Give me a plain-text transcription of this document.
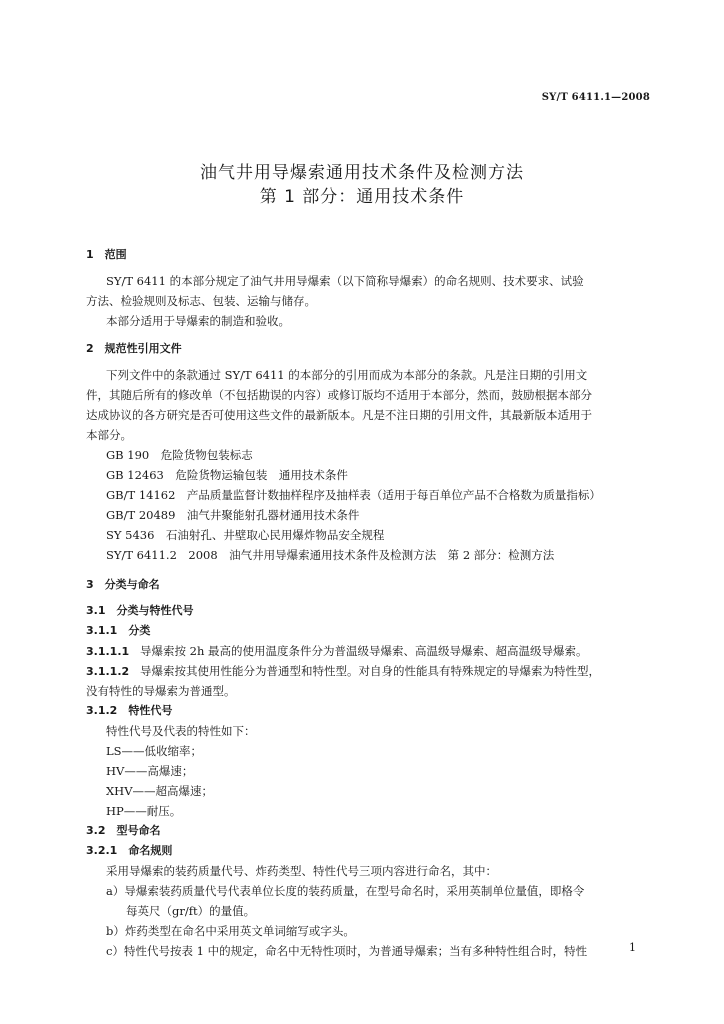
SY/T 6411.1—2008
油气井用导爆索通用技术条件及检测方法
第 1 部分：通用技术条件
1　范围
SY/T 6411 的本部分规定了油气井用导爆索（以下简称导爆索）的命名规则、技术要求、试验
方法、检验规则及标志、包装、运输与储存。
本部分适用于导爆索的制造和验收。
2　规范性引用文件
下列文件中的条款通过 SY/T 6411 的本部分的引用而成为本部分的条款。凡是注日期的引用文
件，其随后所有的修改单（不包括勘误的内容）或修订版均不适用于本部分，然而，鼓励根据本部分
达成协议的各方研究是否可使用这些文件的最新版本。凡是不注日期的引用文件，其最新版本适用于
本部分。
GB 190　危险货物包装标志
GB 12463　危险货物运输包装　通用技术条件
GB/T 14162　产品质量监督计数抽样程序及抽样表（适用于每百单位产品不合格数为质量指标）
GB/T 20489　油气井聚能射孔器材通用技术条件
SY 5436　石油射孔、井壁取心民用爆炸物品安全规程
SY/T 6411.2　2008　油气井用导爆索通用技术条件及检测方法　第 2 部分：检测方法
3　分类与命名
3.1　分类与特性代号
3.1.1　分类
3.1.1.1 导爆索按 2h 最高的使用温度条件分为普温级导爆索、高温级导爆索、超高温级导爆索。
3.1.1.2 导爆索按其使用性能分为普通型和特性型。对自身的性能具有特殊规定的导爆索为特性型，
没有特性的导爆索为普通型。
3.1.2　特性代号
特性代号及代表的特性如下：
LS——低收缩率；
HV——高爆速；
XHV——超高爆速；
HP——耐压。
3.2　型号命名
3.2.1　命名规则
采用导爆索的装药质量代号、炸药类型、特性代号三项内容进行命名，其中：
a）导爆索装药质量代号代表单位长度的装药质量，在型号命名时，采用英制单位量值，即格令
每英尺（gr/ft）的量值。
b）炸药类型在命名中采用英文单词缩写或字头。
c）特性代号按表 1 中的规定，命名中无特性项时，为普通导爆索；当有多种特性组合时，特性	1
